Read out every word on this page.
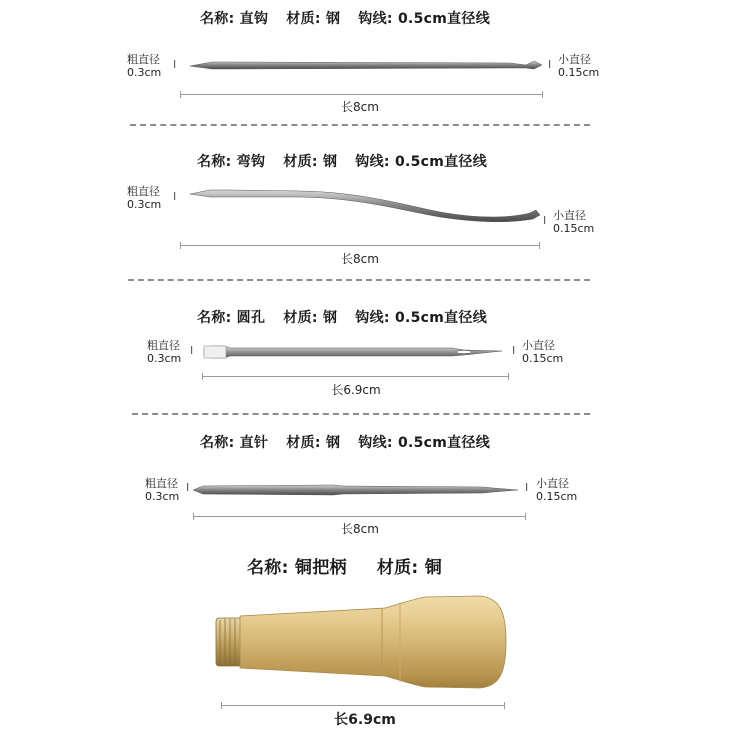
名称: 直钩 材质: 钢 钩线: 0.5cm直径线
粗直径
0.3cm
I	I 小直径
0.15cm
长8cm
名称: 弯钩 材质: 钢 钩线: 0.5cm直径线
粗直径
0.3cm
I
I 小直径
0.15cm
长8cm
名称: 圆孔 材质: 钢 钩线: 0.5cm直径线
粗直径
0.3cm
I	I 小直径
0.15cm
长6.9cm
名称: 直针 材质: 钢 钩线: 0.5cm直径线
粗直径
0.3cm
I	I 小直径
0.15cm
长8cm
名称: 铜把柄 材质: 铜
长6.9cm
